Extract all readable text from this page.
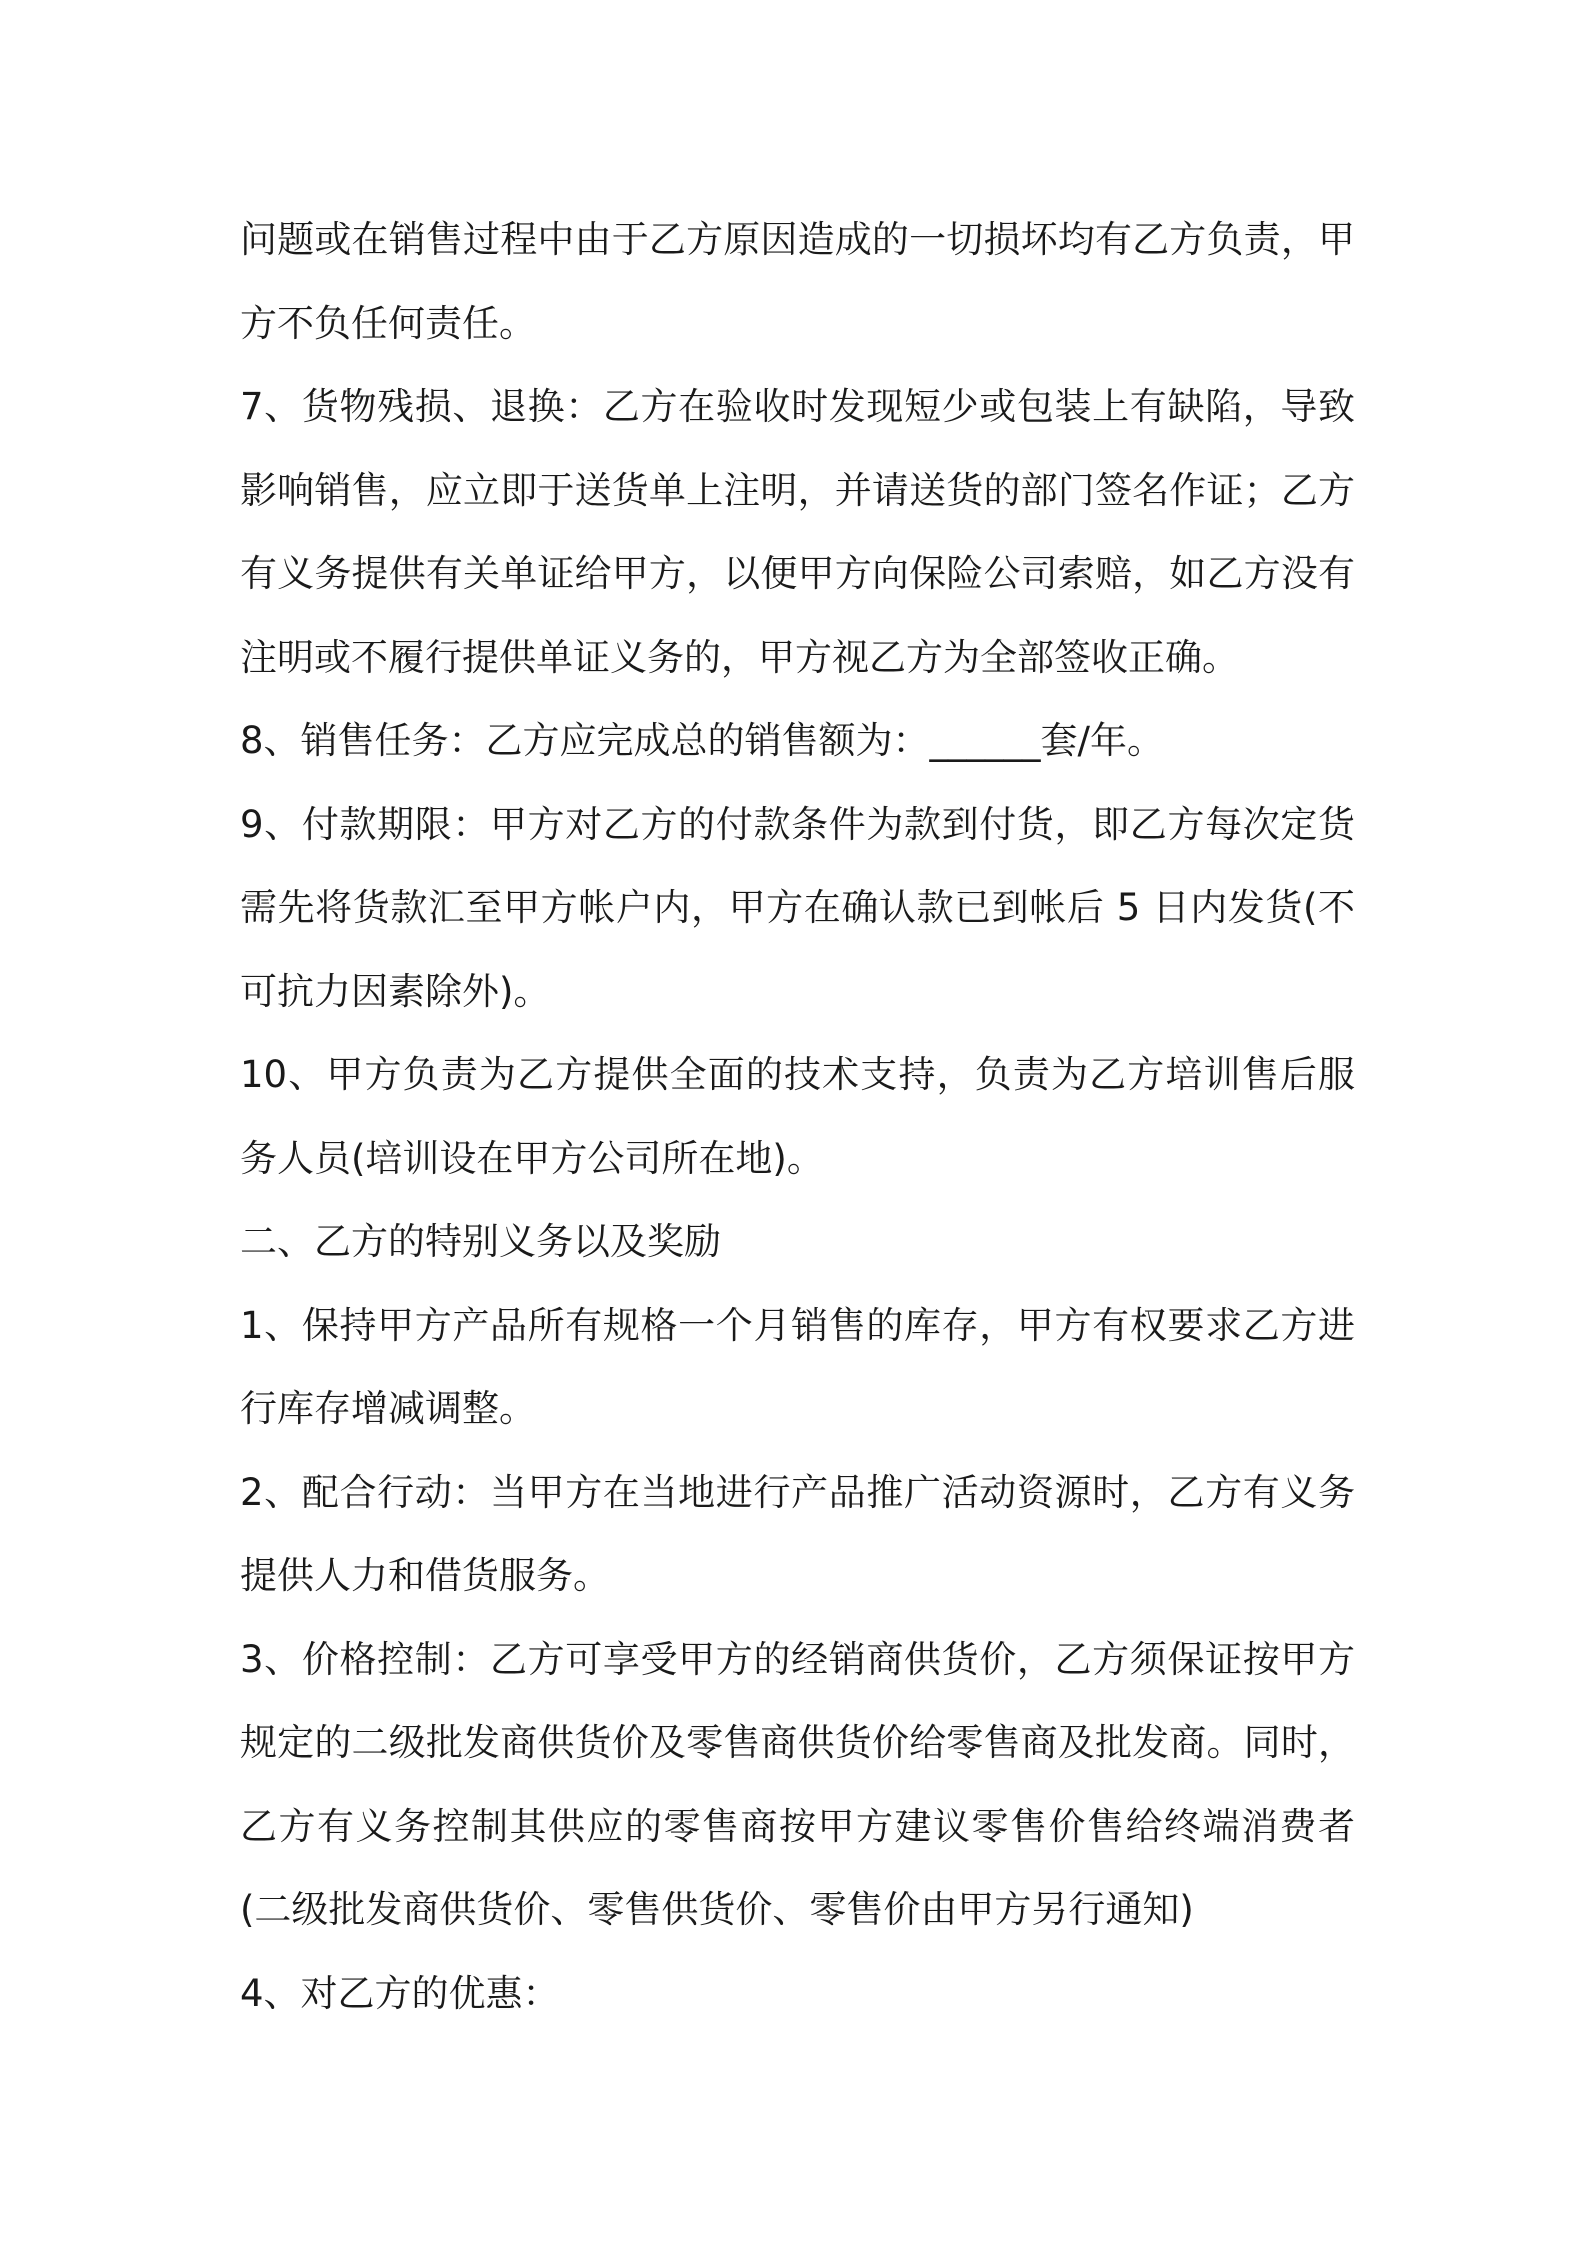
问题或在销售过程中由于乙方原因造成的一切损坏均有乙方负责，甲方不负任何责任。

7、货物残损、退换：乙方在验收时发现短少或包装上有缺陷，导致影响销售，应立即于送货单上注明，并请送货的部门签名作证；乙方有义务提供有关单证给甲方，以便甲方向保险公司索赔，如乙方没有注明或不履行提供单证义务的，甲方视乙方为全部签收正确。

8、销售任务：乙方应完成总的销售额为：______套/年。

9、付款期限：甲方对乙方的付款条件为款到付货，即乙方每次定货需先将货款汇至甲方帐户内，甲方在确认款已到帐后 5 日内发货(不可抗力因素除外)。

10、甲方负责为乙方提供全面的技术支持，负责为乙方培训售后服务人员(培训设在甲方公司所在地)。

二、乙方的特别义务以及奖励

1、保持甲方产品所有规格一个月销售的库存，甲方有权要求乙方进行库存增减调整。

2、配合行动：当甲方在当地进行产品推广活动资源时，乙方有义务提供人力和借货服务。

3、价格控制：乙方可享受甲方的经销商供货价，乙方须保证按甲方规定的二级批发商供货价及零售商供货价给零售商及批发商。同时，乙方有义务控制其供应的零售商按甲方建议零售价售给终端消费者(二级批发商供货价、零售供货价、零售价由甲方另行通知)

4、对乙方的优惠：
